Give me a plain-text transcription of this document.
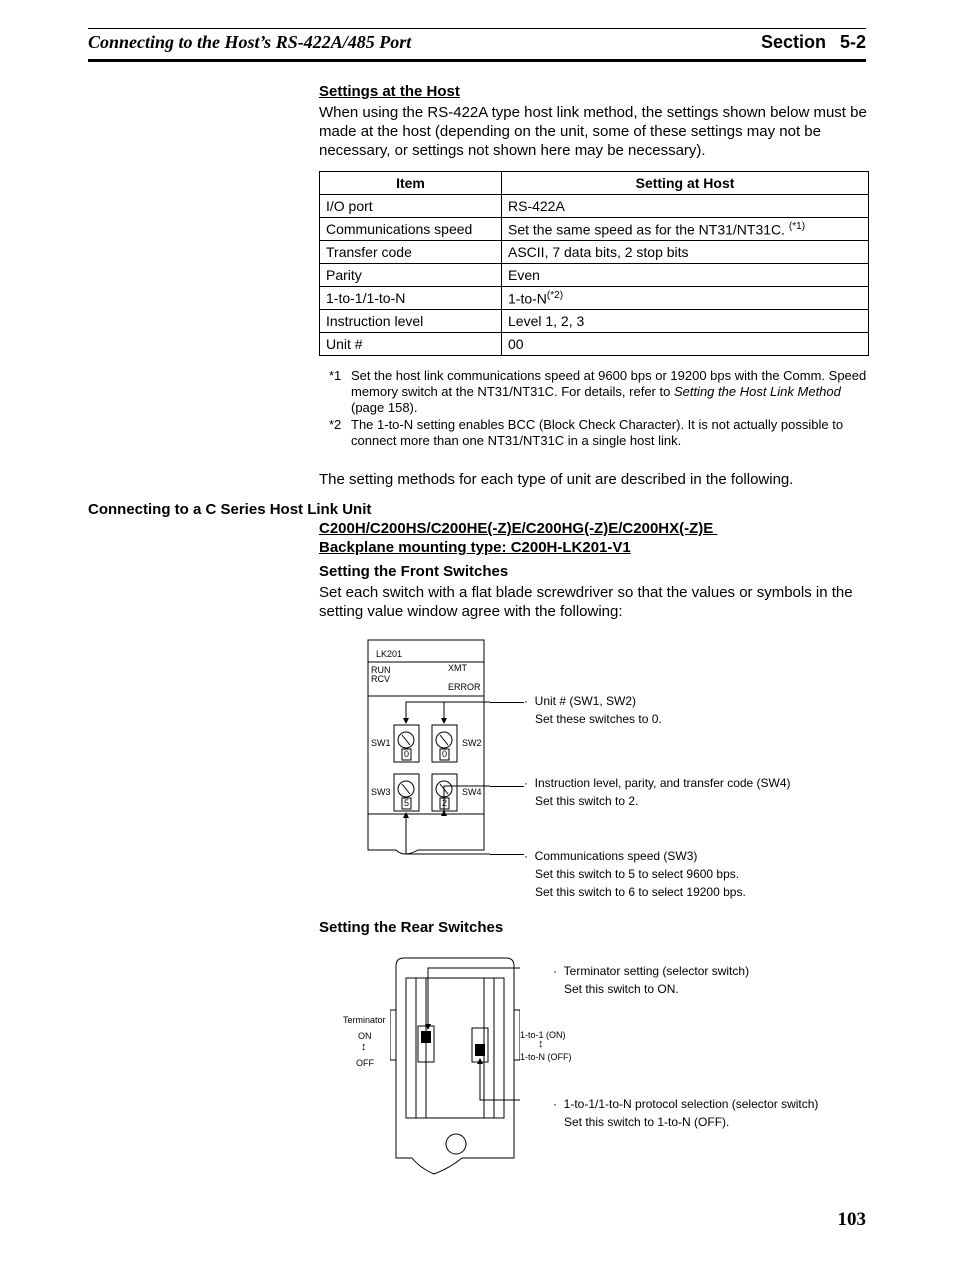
Connecting to the Host’s RS-422A/485 Port	Section 5-2
Settings at the Host
When using the RS-422A type host link method, the settings shown below must be made at the host (depending on the unit, some of these settings may not be necessary, or settings not shown here may be necessary).
Item	Setting at Host
I/O port	RS-422A
Communications speed	Set the same speed as for the NT31/NT31C. $^{(*1)}$
Transfer code	ASCII, 7 data bits, 2 stop bits
Parity	Even
1-to-1/1-to-N	$1-to-N^{(*2)}$
Instruction level	Level 1, 2, 3
Unit #	00
*1 Set the host link communications speed at 9600 bps or 19200 bps with the Comm. Speed memory switch at the NT31/NT31C. For details, refer to Setting the Host Link Method (page 158).
*2 The 1-to-N setting enables BCC (Block Check Character). It is not actually possible to connect more than one NT31/NT31C in a single host link.
The setting methods for each type of unit are described in the following.
Connecting to a C Series Host Link Unit
C200H/C200HS/C200HE(-Z)E/C200HG(-Z)E/C200HX(-Z)E
Backplane mounting type: C200H-LK201-V1
Setting the Front Switches
Set each switch with a flat blade screwdriver so that the values or symbols in the setting value window agree with the following:
LK201
RUN
RCV
XMT
ERROR
SW1	SW2
SW3	SW4
0	0
5	2
· Unit # (SW1, SW2)
Set these switches to 0.
· Instruction level, parity, and transfer code (SW4)
Set this switch to 2.
· Communications speed (SW3)
Set this switch to 5 to select 9600 bps.
Set this switch to 6 to select 19200 bps.
Setting the Rear Switches
Terminator
ON
↕
OFF
1-to-1 (ON)
↕
1-to-N (OFF)
· Terminator setting (selector switch)
Set this switch to ON.
· 1-to-1/1-to-N protocol selection (selector switch)
Set this switch to 1-to-N (OFF).
103
